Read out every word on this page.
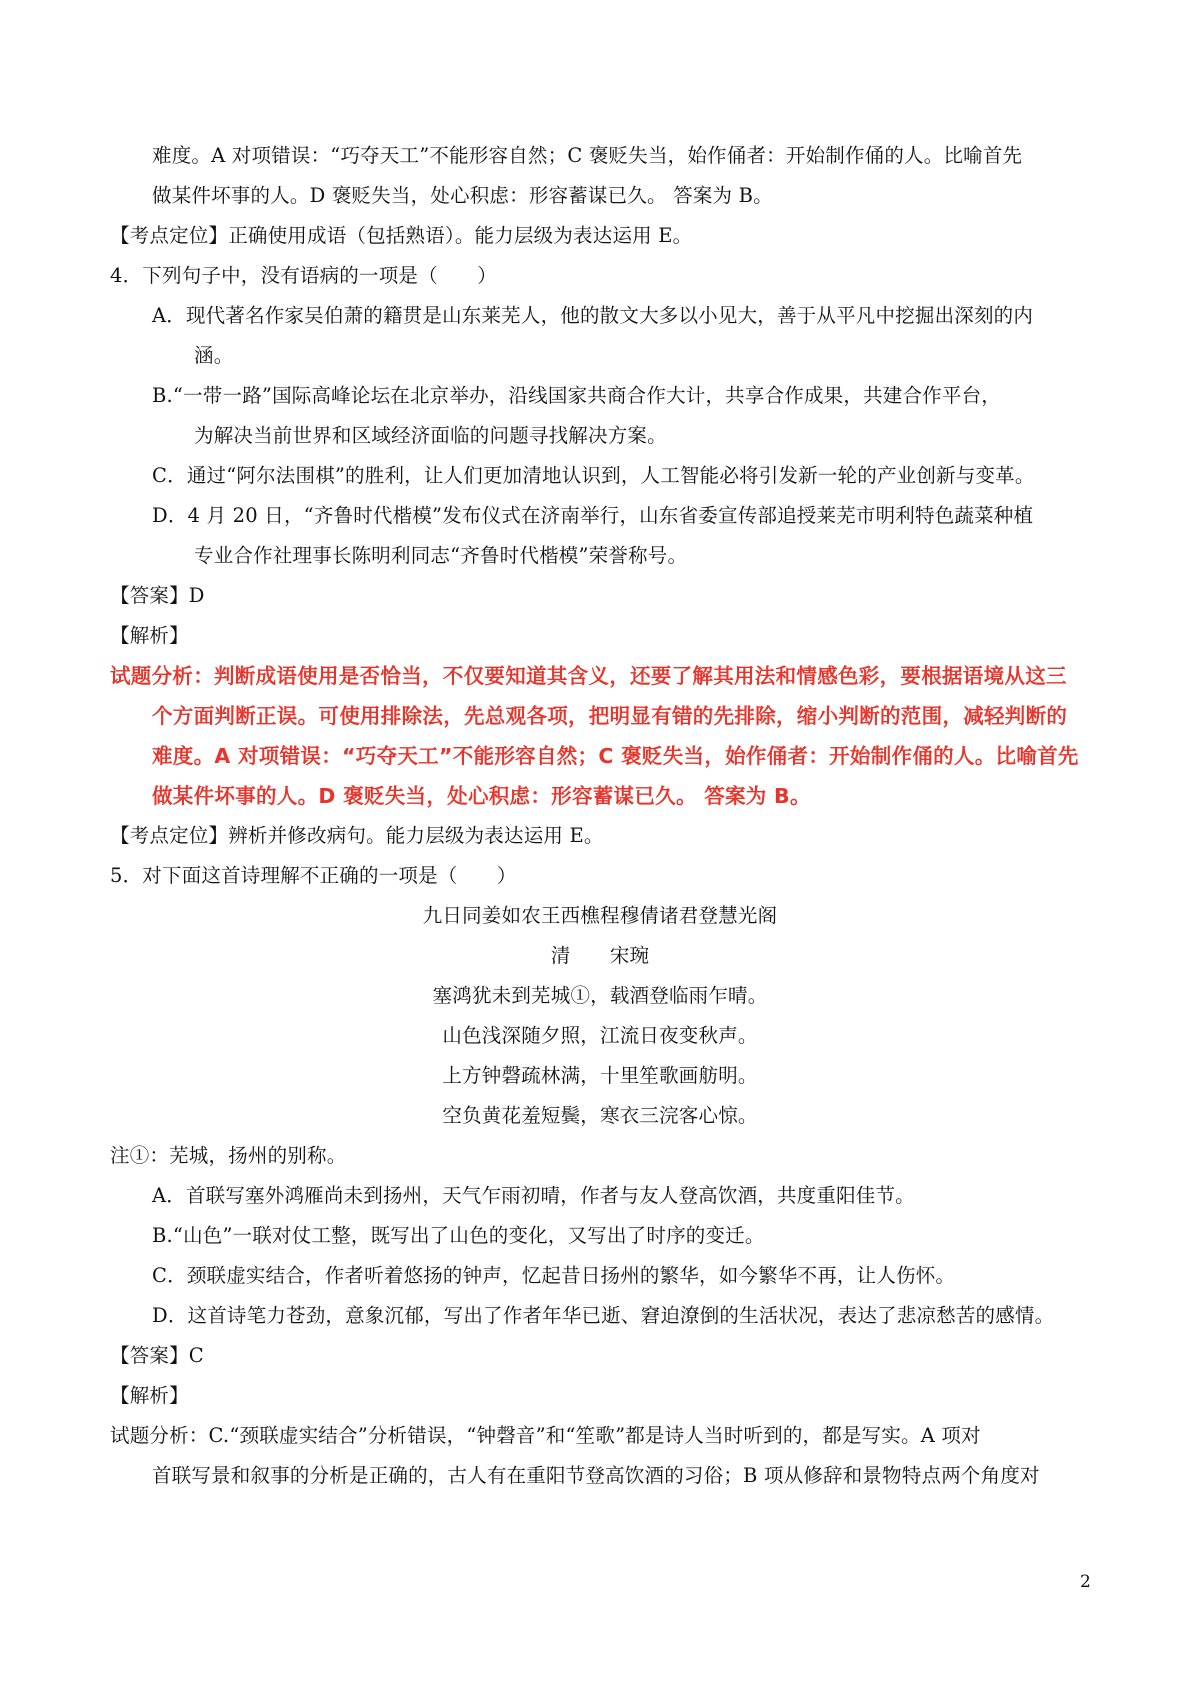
难度。A 对项错误：“巧夺天工”不能形容自然；C 褒贬失当，始作俑者：开始制作俑的人。比喻首先
做某件坏事的人。D 褒贬失当，处心积虑：形容蓄谋已久。 答案为 B。
【考点定位】正确使用成语（包括熟语）。能力层级为表达运用 E。
4．下列句子中，没有语病的一项是（　　）
A．现代著名作家吴伯萧的籍贯是山东莱芜人，他的散文大多以小见大，善于从平凡中挖掘出深刻的内
涵。
B.“一带一路”国际高峰论坛在北京举办，沿线国家共商合作大计，共享合作成果，共建合作平台，
为解决当前世界和区域经济面临的问题寻找解决方案。
C．通过“阿尔法围棋”的胜利，让人们更加清地认识到，人工智能必将引发新一轮的产业创新与变革。
D．4 月 20 日，“齐鲁时代楷模”发布仪式在济南举行，山东省委宣传部追授莱芜市明利特色蔬菜种植
专业合作社理事长陈明利同志“齐鲁时代楷模”荣誉称号。
【答案】D
【解析】
试题分析：判断成语使用是否恰当，不仅要知道其含义，还要了解其用法和情感色彩，要根据语境从这三
个方面判断正误。可使用排除法，先总观各项，把明显有错的先排除，缩小判断的范围，减轻判断的
难度。A 对项错误：“巧夺天工”不能形容自然；C 褒贬失当，始作俑者：开始制作俑的人。比喻首先
做某件坏事的人。D 褒贬失当，处心积虑：形容蓄谋已久。 答案为 B。
【考点定位】辨析并修改病句。能力层级为表达运用 E。
5．对下面这首诗理解不正确的一项是（　　）
九日同姜如农王西樵程穆倩诸君登慧光阁
清　　宋琬
塞鸿犹未到芜城①，载酒登临雨乍晴。
山色浅深随夕照，江流日夜变秋声。
上方钟磬疏林满，十里笙歌画舫明。
空负黄花羞短鬓，寒衣三浣客心惊。
注①：芜城，扬州的别称。
A．首联写塞外鸿雁尚未到扬州，天气乍雨初晴，作者与友人登高饮酒，共度重阳佳节。
B.“山色”一联对仗工整，既写出了山色的变化，又写出了时序的变迁。
C．颈联虚实结合，作者听着悠扬的钟声，忆起昔日扬州的繁华，如今繁华不再，让人伤怀。
D．这首诗笔力苍劲，意象沉郁，写出了作者年华已逝、窘迫潦倒的生活状况，表达了悲凉愁苦的感情。
【答案】C
【解析】
试题分析：C.“颈联虚实结合”分析错误，“钟磬音”和“笙歌”都是诗人当时听到的，都是写实。A 项对
首联写景和叙事的分析是正确的，古人有在重阳节登高饮酒的习俗；B 项从修辞和景物特点两个角度对
2
